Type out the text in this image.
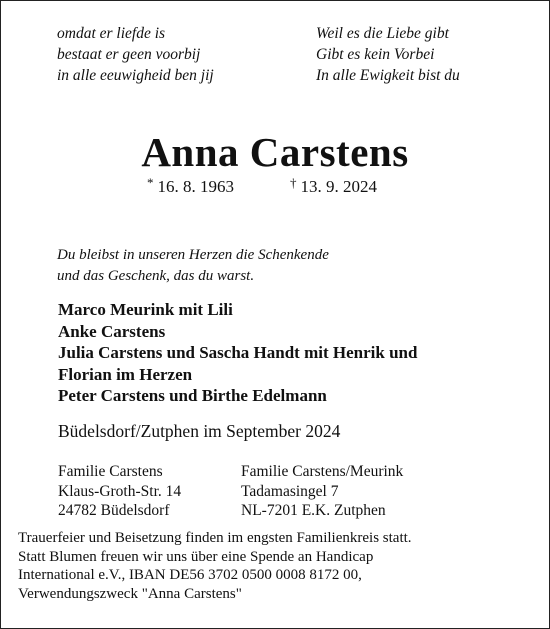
omdat er liefde is
bestaat er geen voorbij
in alle eeuwigheid ben jij
Weil es die Liebe gibt
Gibt es kein Vorbei
In alle Ewigkeit bist du
Anna Carstens
* 16. 8. 1963	† 13. 9. 2024
Du bleibst in unseren Herzen die Schenkende
und das Geschenk, das du warst.
Marco Meurink mit Lili
Anke Carstens
Julia Carstens und Sascha Handt mit Henrik und
Florian im Herzen
Peter Carstens und Birthe Edelmann
Büdelsdorf/Zutphen im September 2024
Familie Carstens
Klaus-Groth-Str. 14
24782 Büdelsdorf
Familie Carstens/Meurink
Tadamasingel 7
NL-7201 E.K. Zutphen
Trauerfeier und Beisetzung finden im engsten Familienkreis statt.
Statt Blumen freuen wir uns über eine Spende an Handicap
International e.V., IBAN DE56 3702 0500 0008 8172 00,
Verwendungszweck "Anna Carstens"
